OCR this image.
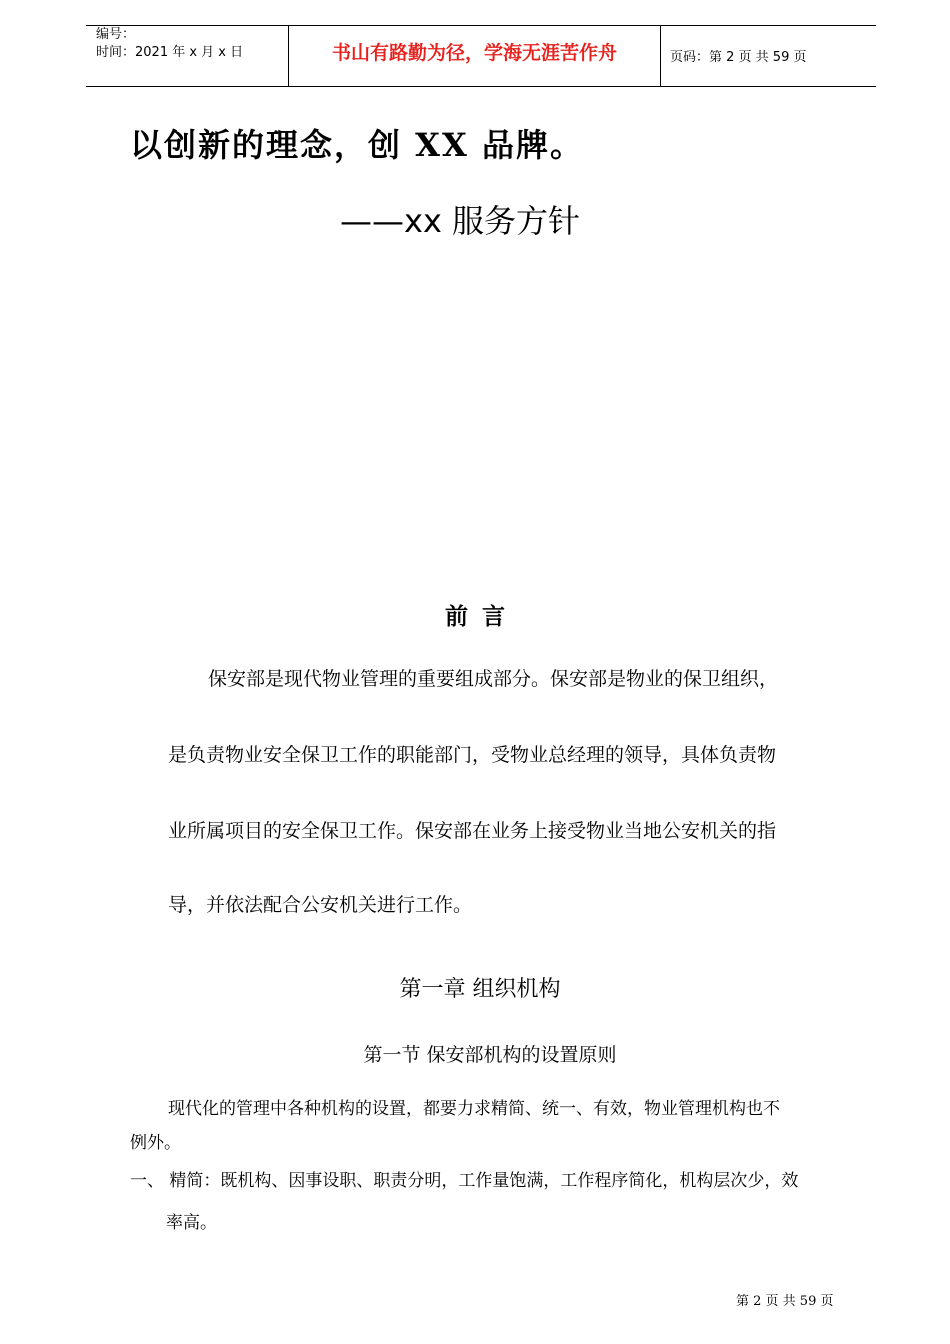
编号：
时间：2021 年 x 月 x 日	书山有路勤为径，学海无涯苦作舟	页码：第 2 页 共 59 页
以创新的理念，创 XX 品牌。
——xx 服务方针
前言
保安部是现代物业管理的重要组成部分。保安部是物业的保卫组织，
是负责物业安全保卫工作的职能部门，受物业总经理的领导，具体负责物
业所属项目的安全保卫工作。保安部在业务上接受物业当地公安机关的指
导，并依法配合公安机关进行工作。
第一章 组织机构
第一节 保安部机构的设置原则
现代化的管理中各种机构的设置，都要力求精简、统一、有效，物业管理机构也不
例外。
一、 精简：既机构、因事设职、职责分明，工作量饱满，工作程序简化，机构层次少，效
率高。
第 2 页 共 59 页
